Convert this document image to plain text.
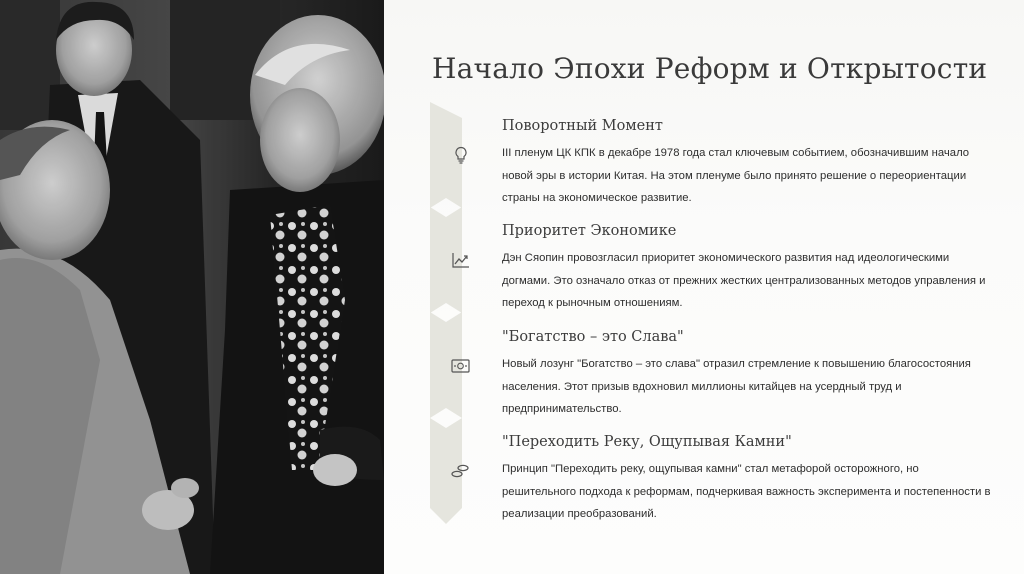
Начало Эпохи Реформ и Открытости
Поворотный Момент
III пленум ЦК КПК в декабре 1978 года стал ключевым событием, обозначившим начало новой эры в истории Китая. На этом пленуме было принято решение о переориентации страны на экономическое развитие.
Приоритет Экономике
Дэн Сяопин провозгласил приоритет экономического развития над идеологическими догмами. Это означало отказ от прежних жестких централизованных методов управления и переход к рыночным отношениям.
"Богатство – это Слава"
Новый лозунг "Богатство – это слава" отразил стремление к повышению благосостояния населения. Этот призыв вдохновил миллионы китайцев на усердный труд и предпринимательство.
"Переходить Реку, Ощупывая Камни"
Принцип "Переходить реку, ощупывая камни" стал метафорой осторожного, но решительного подхода к реформам, подчеркивая важность эксперимента и постепенности в реализации преобразований.
